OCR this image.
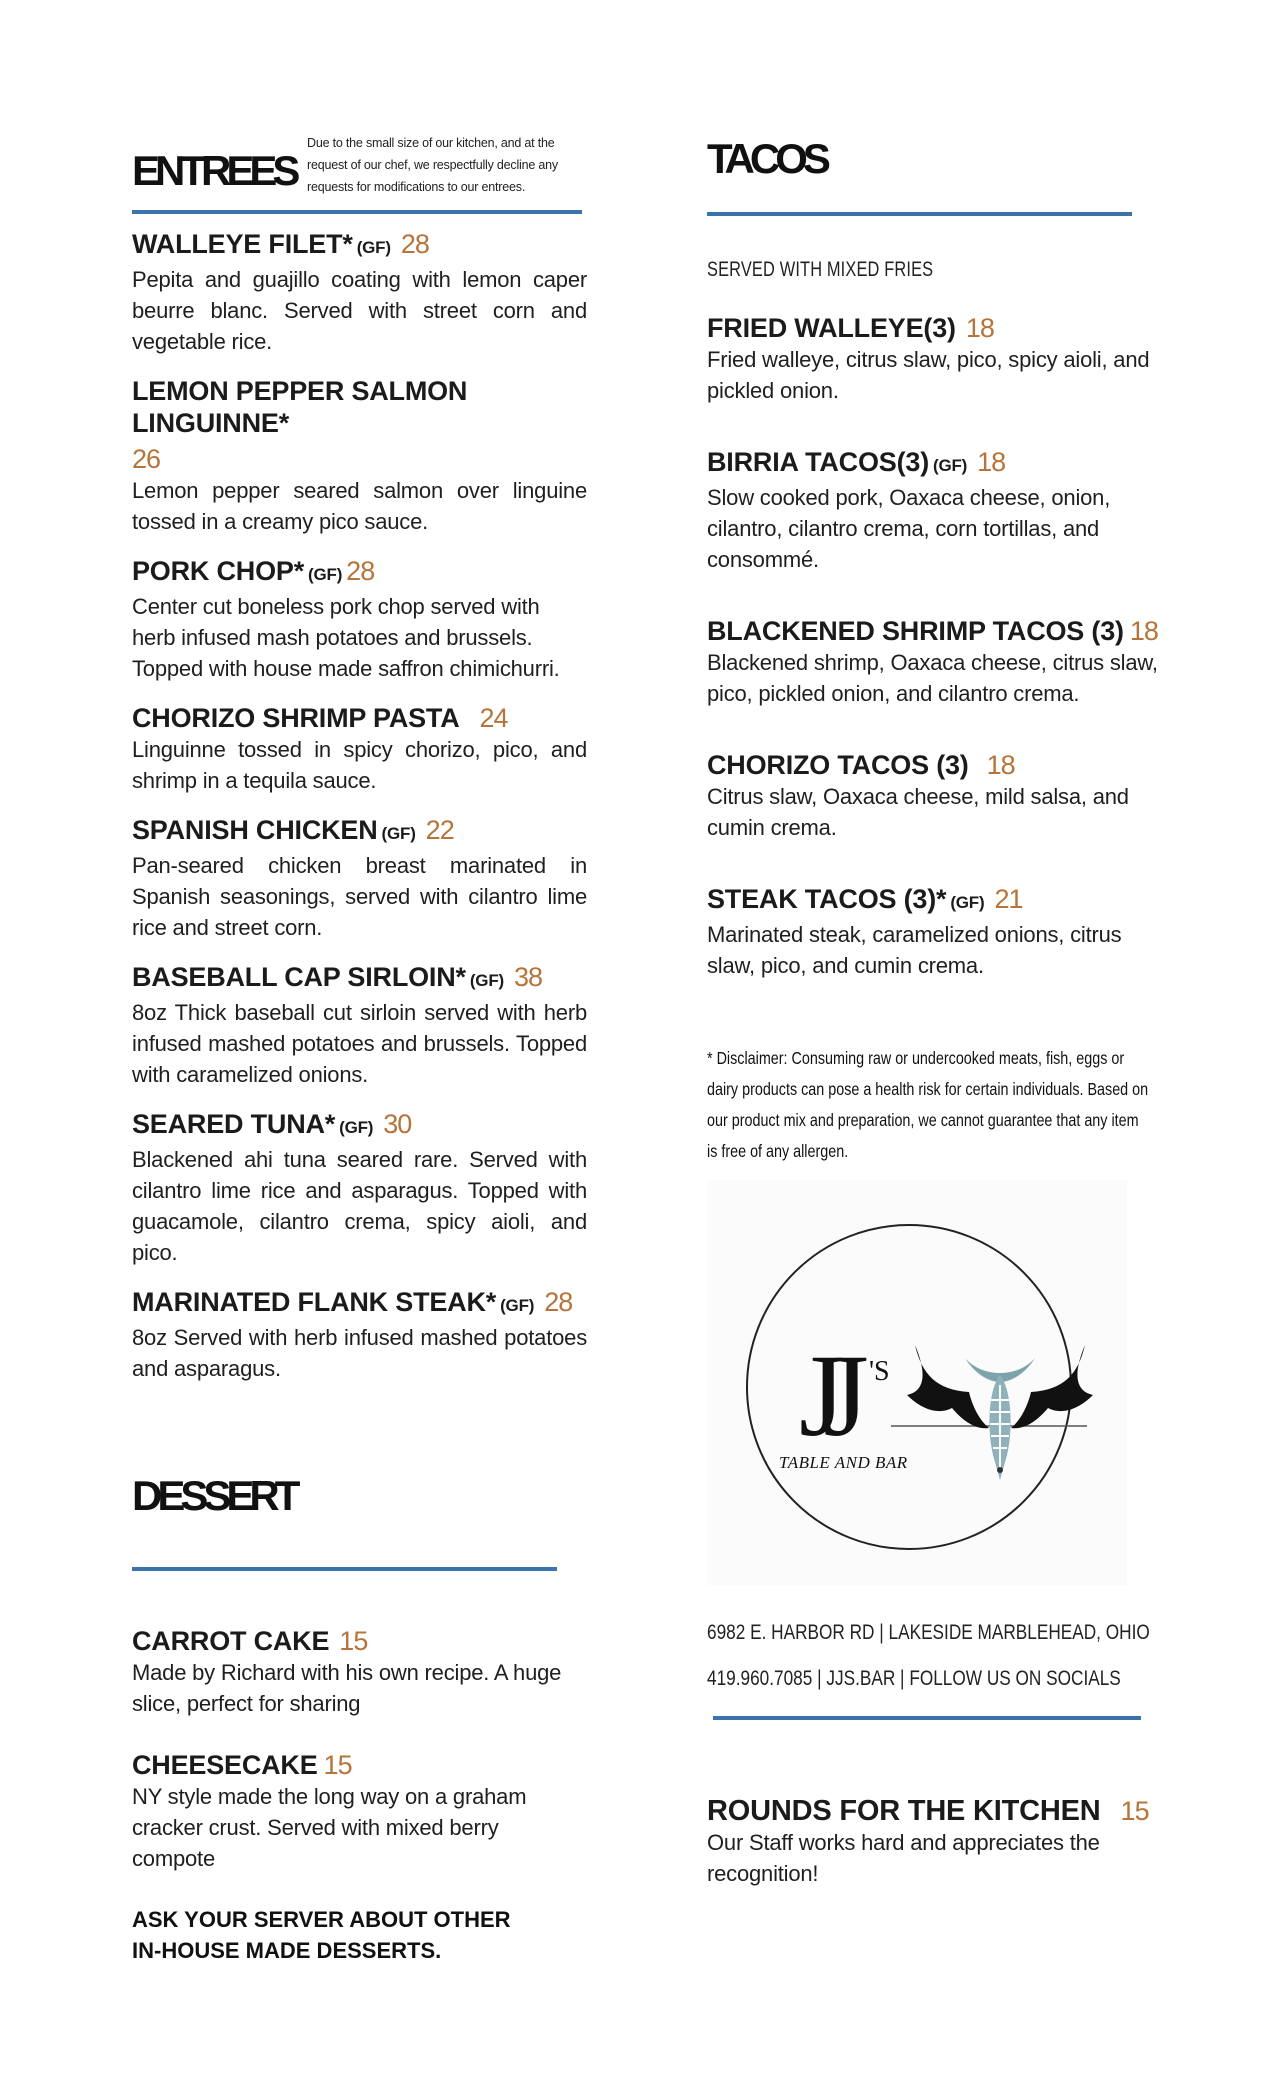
ENTREES
WALLEYE FILET* (GF) 28
Pepita and guajillo coating with lemon caper beurre blanc. Served with street corn and vegetable rice.
LEMON PEPPER SALMON LINGUINNE*
26
Lemon pepper seared salmon over linguine tossed in a creamy pico sauce.
PORK CHOP* (GF) 28
Center cut boneless pork chop served with herb infused mash potatoes and brussels. Topped with house made saffron chimichurri.
CHORIZO SHRIMP PASTA 24
Linguinne tossed in spicy chorizo, pico, and shrimp in a tequila sauce.
SPANISH CHICKEN (GF) 22
Pan-seared chicken breast marinated in Spanish seasonings, served with cilantro lime rice and street corn.
BASEBALL CAP SIRLOIN* (GF) 38
8oz Thick baseball cut sirloin served with herb infused mashed potatoes and brussels. Topped with caramelized onions.
SEARED TUNA* (GF) 30
Blackened ahi tuna seared rare. Served with cilantro lime rice and asparagus. Topped with guacamole, cilantro crema, spicy aioli, and pico.
MARINATED FLANK STEAK* (GF) 28
8oz Served with herb infused mashed potatoes and asparagus.
Due to the small size of our kitchen, and at the request of our chef, we respectfully decline any requests for modifications to our entrees.
DESSERT
CARROT CAKE 15
Made by Richard with his own recipe. A huge slice, perfect for sharing
CHEESECAKE 15
NY style made the long way on a graham cracker crust. Served with mixed berry compote
ASK YOUR SERVER ABOUT OTHER IN-HOUSE MADE DESSERTS.
TACOS
SERVED WITH MIXED FRIES
FRIED WALLEYE(3) 18
Fried walleye, citrus slaw, pico, spicy aioli, and pickled onion.
BIRRIA TACOS(3) (GF) 18
Slow cooked pork, Oaxaca cheese, onion, cilantro, cilantro crema, corn tortillas, and consommé.
BLACKENED SHRIMP TACOS (3) 18
Blackened shrimp, Oaxaca cheese, citrus slaw, pico, pickled onion, and cilantro crema.
CHORIZO TACOS (3) 18
Citrus slaw, Oaxaca cheese, mild salsa, and cumin crema.
STEAK TACOS (3)* (GF) 21
Marinated steak, caramelized onions, citrus slaw, pico, and cumin crema.
* Disclaimer: Consuming raw or undercooked meats, fish, eggs or dairy products can pose a health risk for certain individuals. Based on our product mix and preparation, we cannot guarantee that any item is free of any allergen.
JJ 'S
TABLE AND BAR
6982 E. HARBOR RD | LAKESIDE MARBLEHEAD, OHIO
419.960.7085 | JJS.BAR | FOLLOW US ON SOCIALS
ROUNDS FOR THE KITCHEN 15
Our Staff works hard and appreciates the recognition!
